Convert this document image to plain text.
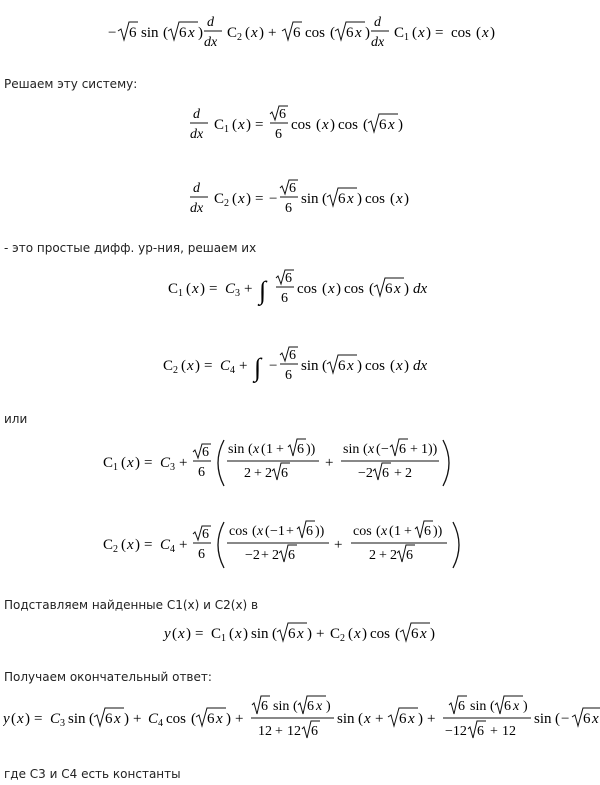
− 6 sin ( 6 x )
d
dx
C 2 ( x ) + 6 cos ( 6 x )
d
dx
C 1 ( x ) = cos ( x )
Решаем эту систему:
d
dx
C 1 ( x ) =
6
6
cos ( x ) cos ( 6 x )
d
dx
C 2 ( x ) = −
6
6
sin ( 6 x ) cos ( x )
- это простые дифф. ур-ния, решаем их
C 1 ( x ) = C 3 + ∫ 6
6
cos ( x ) cos ( 6 x ) dx
C 2 ( x ) = C 4 + ∫ −
6
6
sin ( 6 x ) cos ( x ) dx
или
C 1 ( x ) = C 3 +
6
6
sin ( x ( 1 + 6 ))
2 + 2 6
+
sin ( x ( − 6 + 1 ))
−2 6 + 2
C 2 ( x ) = C 4 +
6
6
cos ( x ( −1 + 6 ))
−2 + 2 6
+
cos ( x ( 1 + 6 ))
2 + 2 6
Подставляем найденные C1(x) и C2(x) в
y ( x ) = C 1 ( x ) sin ( 6 x ) + C 2 ( x ) cos ( 6 x )
Получаем окончательный ответ:
y ( x ) = C 3 sin ( 6 x ) + C 4 cos ( 6 x ) +
6 sin ( 6 x )
12 + 12 6
sin ( x + 6 x ) +
6 sin ( 6 x )
−12 6 + 12
sin ( − 6 x
где C3 и C4 есть константы
